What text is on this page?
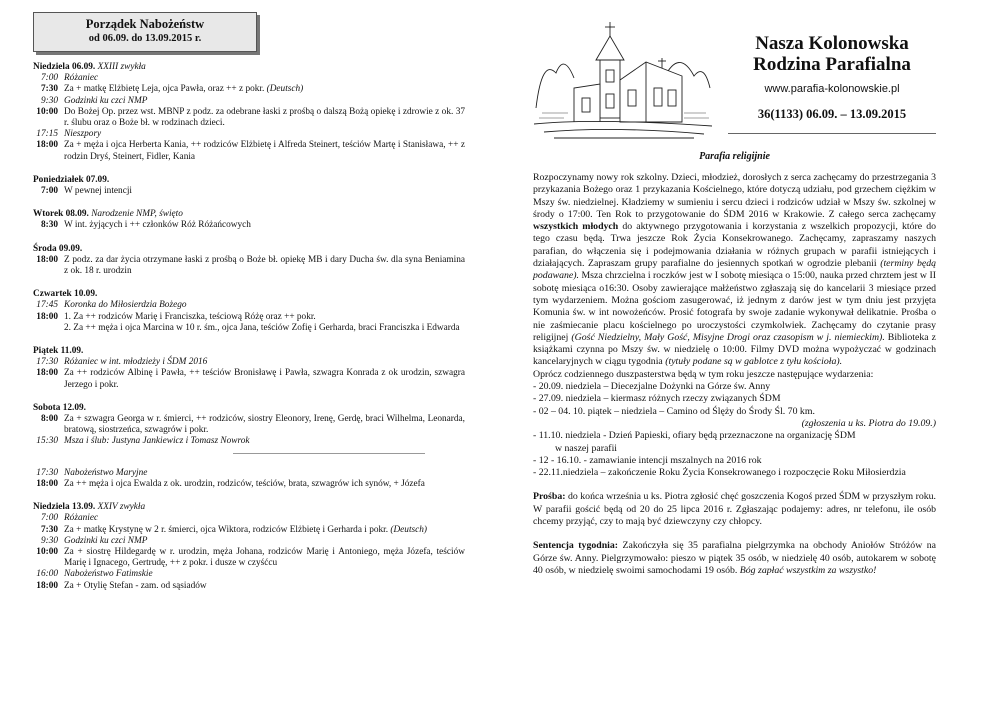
Porządek Nabożeństw
od 06.09. do 13.09.2015 r.
Niedziela 06.09. XXIII zwykła
7:00 Różaniec
7:30 Za + matkę Elżbietę Leja, ojca Pawła, oraz ++ z pokr. (Deutsch)
9:30 Godzinki ku czci NMP
10:00 Do Bożej Op. przez wst. MBNP z podz. za odebrane łaski z prośbą o dalszą Bożą opiekę i zdrowie z ok. 37 r. ślubu oraz o Boże bł. w rodzinach dzieci.
17:15 Nieszpory
18:00 Za + męża i ojca Herberta Kania, ++ rodziców Elżbietę i Alfreda Steinert, teściów Martę i Stanisława, ++ z rodzin Dryś, Steinert, Fidler, Kania
Poniedziałek 07.09.
7:00 W pewnej intencji
Wtorek 08.09. Narodzenie NMP, święto
8:30 W int. żyjących i ++ członków Róż Różańcowych
Środa 09.09.
18:00 Z podz. za dar życia otrzymane łaski z prośbą o Boże bł. opiekę MB i dary Ducha św. dla syna Beniamina z ok. 18 r. urodzin
Czwartek 10.09.
17:45 Koronka do Miłosierdzia Bożego
18:00 1. Za ++ rodziców Marię i Franciszka, teściową Różę oraz ++ pokr.
2. Za ++ męża i ojca Marcina w 10 r. śm., ojca Jana, teściów Zofię i Gerharda, braci Franciszka i Edwarda
Piątek 11.09.
17:30 Różaniec w int. młodzieży i ŚDM 2016
18:00 Za ++ rodziców Albinę i Pawła, ++ teściów Bronisławę i Pawła, szwagra Konrada z ok urodzin, szwagra Jerzego i pokr.
Sobota 12.09.
8:00 Za + szwagra Georga w r. śmierci, ++ rodziców, siostry Eleonory, Irenę, Gerdę, braci Wilhelma, Leonarda, bratową, siostrzeńca, szwagrów i pokr.
15:30 Msza i ślub: Justyna Jankiewicz i Tomasz Nowrok
17:30 Nabożeństwo Maryjne
18:00 Za ++ męża i ojca Ewalda z ok. urodzin, rodziców, teściów, brata, szwagrów ich synów, + Józefa
Niedziela 13.09. XXIV zwykła
7:00 Różaniec
7:30 Za + matkę Krystynę w 2 r. śmierci, ojca Wiktora, rodziców Elżbietę i Gerharda i pokr. (Deutsch)
9:30 Godzinki ku czci NMP
10:00 Za + siostrę Hildegardę w r. urodzin, męża Johana, rodziców Marię i Antoniego, męża Józefa, teściów Marię i Ignacego, Gertrudę, ++ z pokr. i dusze w czyśćcu
16:00 Nabożeństwo Fatimskie
18:00 Za + Otylię Stefan - zam. od sąsiadów
Nasza Kolonowska
Rodzina Parafialna
www.parafia-kolonowskie.pl
36(1133) 06.09. – 13.09.2015
Parafia religijnie

Rozpoczynamy nowy rok szkolny. Dzieci, młodzież, dorosłych z serca zachęcamy do przestrzegania 3 przykazania Bożego oraz 1 przykazania Kościelnego, które dotyczą udziału, pod grzechem ciężkim w Mszy św. niedzielnej. Kładziemy w sumieniu i sercu dzieci i rodziców udział w Mszy św. szkolnej w środy o 17:00. Ten Rok to przygotowanie do ŚDM 2016 w Krakowie. Z całego serca zachęcamy wszystkich młodych do aktywnego przygotowania i korzystania z wszelkich propozycji, które do tego czasu będą. Trwa jeszcze Rok Życia Konsekrowanego. Zachęcamy, zapraszamy naszych parafian, do włączenia się i podejmowania działania w różnych grupach w parafii istniejących i działających. Zapraszam grupy parafialne do jesiennych spotkań w ogrodzie plebanii (terminy będą podawane). Msza chrzcielna i roczków jest w I sobotę miesiąca o 15:00, nauka przed chrztem jest w II sobotę miesiąca o16:30. Osoby zawierające małżeństwo zgłaszają się do kancelarii 3 miesiące przed tym wydarzeniem. Można gościom zasugerować, iż jednym z darów jest w tym dniu jest przyjęta Komunia św. w int nowożeńców. Prosić fotografa by swoje zadanie wykonywał delikatnie. Prośba o nie zaśmiecanie placu kościelnego po uroczystości czymkolwiek. Zachęcamy do czytanie prasy religijnej (Gość Niedzielny, Mały Gość, Misyjne Drogi oraz czasopism w j. niemieckim). Biblioteka z książkami czynna po Mszy św. w niedzielę o 10:00. Filmy DVD można wypożyczać w godzinach kancelaryjnych w ciągu tygodnia (tytuły podane są w gablotce z tyłu kościoła).

Oprócz codziennego duszpasterstwa będą w tym roku jeszcze następujące wydarzenia:

- 20.09. niedziela – Diecezjalne Dożynki na Górze św. Anny

- 27.09. niedziela – kiermasz różnych rzeczy związanych ŚDM

- 02 – 04. 10. piątek – niedziela – Camino od Ślęży do Środy Śl. 70 km.

(zgłoszenia u ks. Piotra do 19.09.)

- 11.10. niedziela - Dzień Papieski, ofiary będą przeznaczone na organizację ŚDM

w naszej parafii

- 12 - 16.10. - zamawianie intencji mszalnych na 2016 rok

- 22.11.niedziela – zakończenie Roku Życia Konsekrowanego i rozpoczęcie Roku Miłosierdzia

Prośba: do końca września u ks. Piotra zgłosić chęć goszczenia Kogoś przed ŚDM w przyszłym roku. W parafii gościć będą od 20 do 25 lipca 2016 r. Zgłaszając podajemy: adres, nr telefonu, ile osób chcemy przyjąć, czy to mają być dziewczyny czy chłopcy.

Sentencja tygodnia: Zakończyła się 35 parafialna pielgrzymka na obchody Aniołów Stróżów na Górze św. Anny. Pielgrzymowało: pieszo w piątek 35 osób, w niedzielę 40 osób, autokarem w sobotę 40 osób, w niedzielę swoimi samochodami 19 osób. Bóg zapłać wszystkim za wszystko!
